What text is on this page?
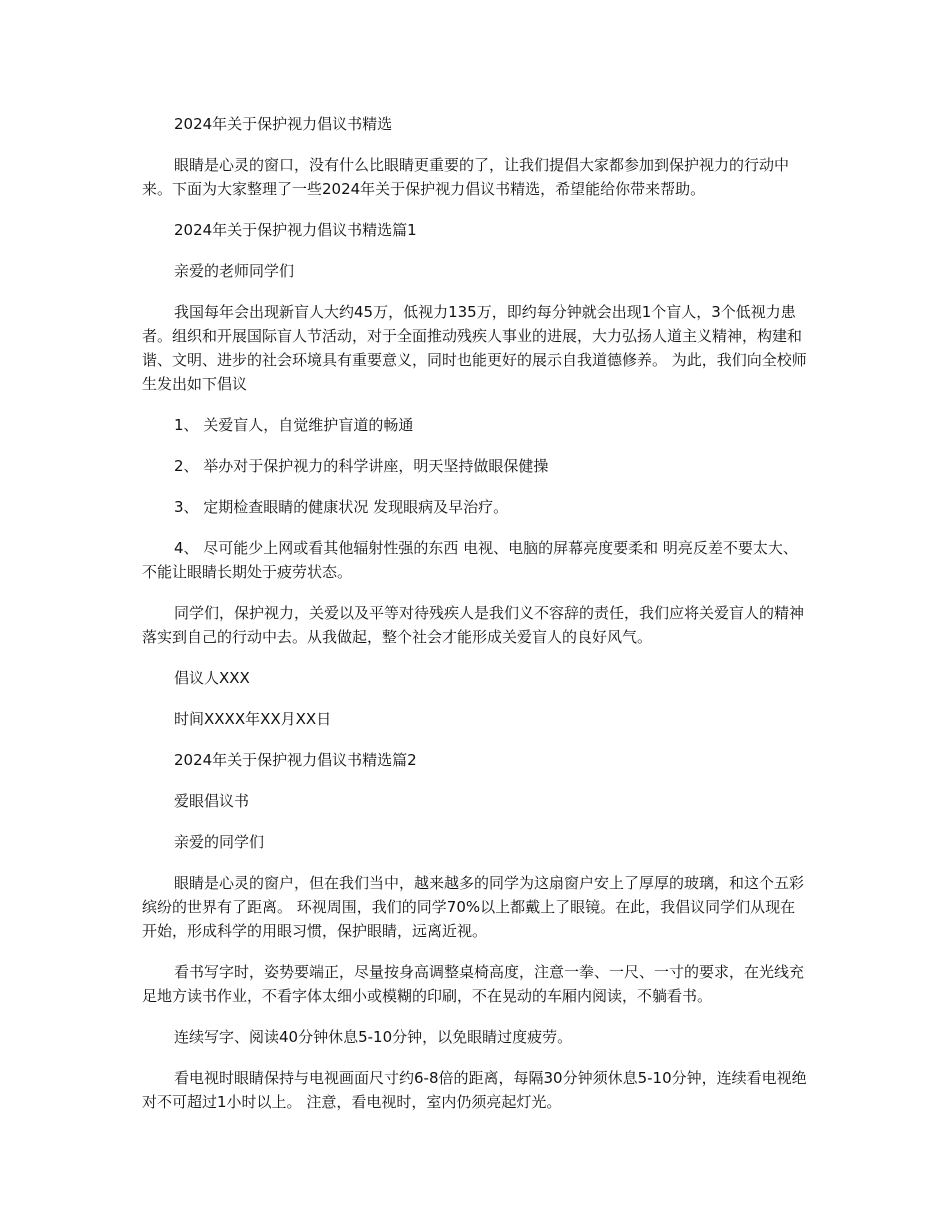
2024年关于保护视力倡议书精选

眼睛是心灵的窗口，没有什么比眼睛更重要的了，让我们提倡大家都参加到保护视力的行动中来。下面为大家整理了一些2024年关于保护视力倡议书精选，希望能给你带来帮助。

2024年关于保护视力倡议书精选篇1

亲爱的老师同学们

我国每年会出现新盲人大约45万，低视力135万，即约每分钟就会出现1个盲人，3个低视力患者。组织和开展国际盲人节活动，对于全面推动残疾人事业的进展，大力弘扬人道主义精神，构建和谐、文明、进步的社会环境具有重要意义，同时也能更好的展示自我道德修养。 为此，我们向全校师生发出如下倡议

1、 关爱盲人，自觉维护盲道的畅通

2、 举办对于保护视力的科学讲座，明天坚持做眼保健操

3、 定期检查眼睛的健康状况 发现眼病及早治疗。

4、 尽可能少上网或看其他辐射性强的东西 电视、电脑的屏幕亮度要柔和 明亮反差不要太大、 不能让眼睛长期处于疲劳状态。

同学们，保护视力，关爱以及平等对待残疾人是我们义不容辞的责任，我们应将关爱盲人的精神落实到自己的行动中去。从我做起，整个社会才能形成关爱盲人的良好风气。

倡议人XXX

时间XXXX年XX月XX日

2024年关于保护视力倡议书精选篇2

爱眼倡议书

亲爱的同学们

眼睛是心灵的窗户，但在我们当中，越来越多的同学为这扇窗户安上了厚厚的玻璃，和这个五彩缤纷的世界有了距离。 环视周围，我们的同学70%以上都戴上了眼镜。在此，我倡议同学们从现在开始，形成科学的用眼习惯，保护眼睛，远离近视。

看书写字时，姿势要端正，尽量按身高调整桌椅高度，注意一拳、一尺、一寸的要求，在光线充足地方读书作业，不看字体太细小或模糊的印刷，不在晃动的车厢内阅读，不躺看书。

连续写字、阅读40分钟休息5-10分钟，以免眼睛过度疲劳。

看电视时眼睛保持与电视画面尺寸约6-8倍的距离，每隔30分钟须休息5-10分钟，连续看电视绝对不可超过1小时以上。 注意，看电视时，室内仍须亮起灯光。
